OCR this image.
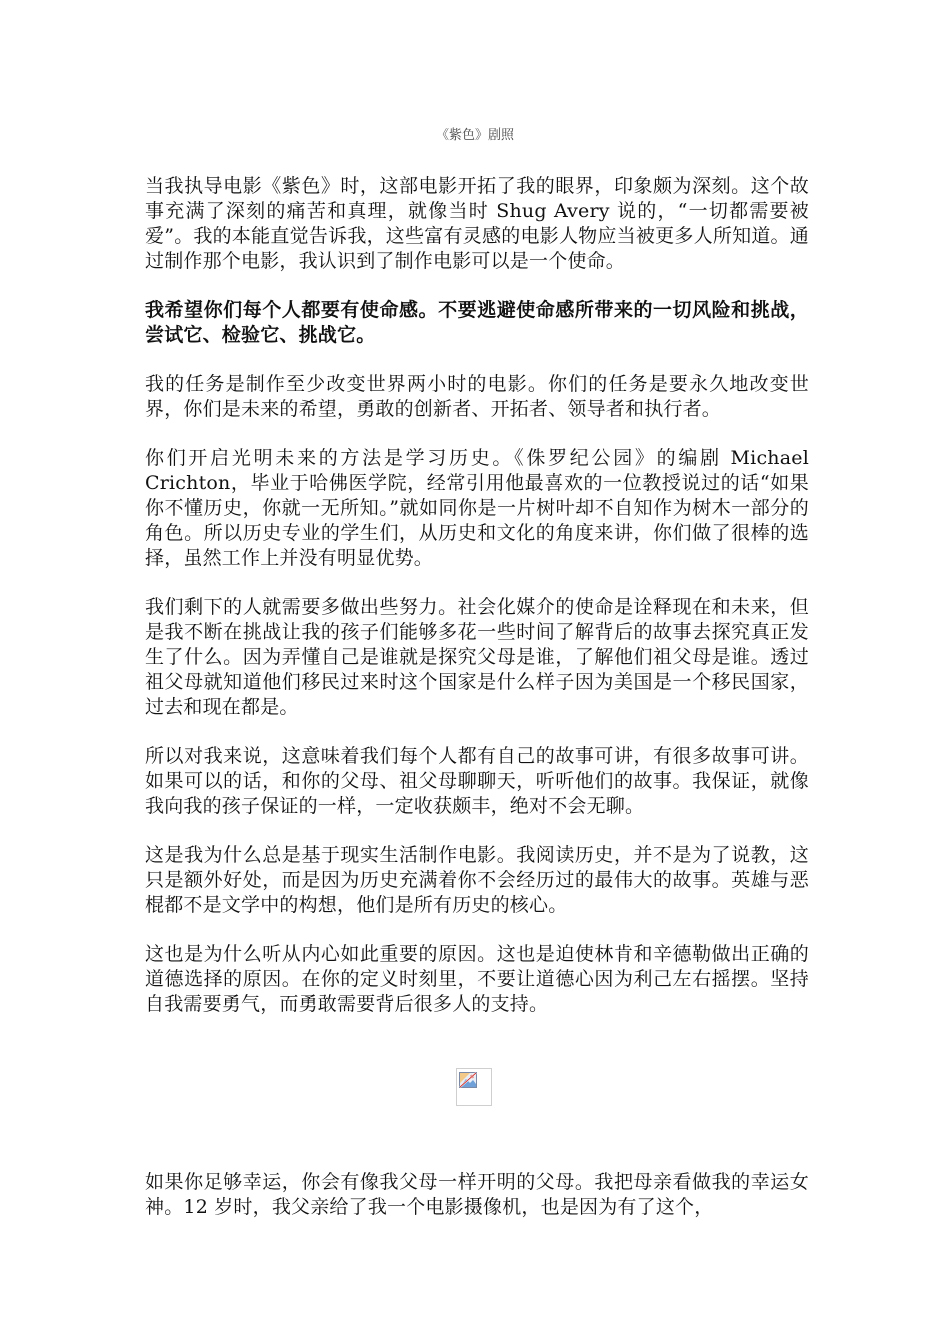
《紫色》剧照

当我执导电影《紫色》时，这部电影开拓了我的眼界，印象颇为深刻。这个故事充满了深刻的痛苦和真理，就像当时 Shug Avery 说的，“一切都需要被爱”。我的本能直觉告诉我，这些富有灵感的电影人物应当被更多人所知道。通过制作那个电影，我认识到了制作电影可以是一个使命。

我希望你们每个人都要有使命感。不要逃避使命感所带来的一切风险和挑战，尝试它、检验它、挑战它。

我的任务是制作至少改变世界两小时的电影。你们的任务是要永久地改变世界，你们是未来的希望，勇敢的创新者、开拓者、领导者和执行者。

你们开启光明未来的方法是学习历史。《侏罗纪公园》的编剧 Michael Crichton，毕业于哈佛医学院，经常引用他最喜欢的一位教授说过的话“如果你不懂历史，你就一无所知。”就如同你是一片树叶却不自知作为树木一部分的角色。所以历史专业的学生们，从历史和文化的角度来讲，你们做了很棒的选择，虽然工作上并没有明显优势。

我们剩下的人就需要多做出些努力。社会化媒介的使命是诠释现在和未来，但是我不断在挑战让我的孩子们能够多花一些时间了解背后的故事去探究真正发生了什么。因为弄懂自己是谁就是探究父母是谁，了解他们祖父母是谁。透过祖父母就知道他们移民过来时这个国家是什么样子因为美国是一个移民国家，过去和现在都是。

所以对我来说，这意味着我们每个人都有自己的故事可讲，有很多故事可讲。如果可以的话，和你的父母、祖父母聊聊天，听听他们的故事。我保证，就像我向我的孩子保证的一样，一定收获颇丰，绝对不会无聊。

这是我为什么总是基于现实生活制作电影。我阅读历史，并不是为了说教，这只是额外好处，而是因为历史充满着你不会经历过的最伟大的故事。英雄与恶棍都不是文学中的构想，他们是所有历史的核心。

这也是为什么听从内心如此重要的原因。这也是迫使林肯和辛德勒做出正确的道德选择的原因。在你的定义时刻里，不要让道德心因为利己左右摇摆。坚持自我需要勇气，而勇敢需要背后很多人的支持。

如果你足够幸运，你会有像我父母一样开明的父母。我把母亲看做我的幸运女神。12 岁时，我父亲给了我一个电影摄像机，也是因为有了这个，
